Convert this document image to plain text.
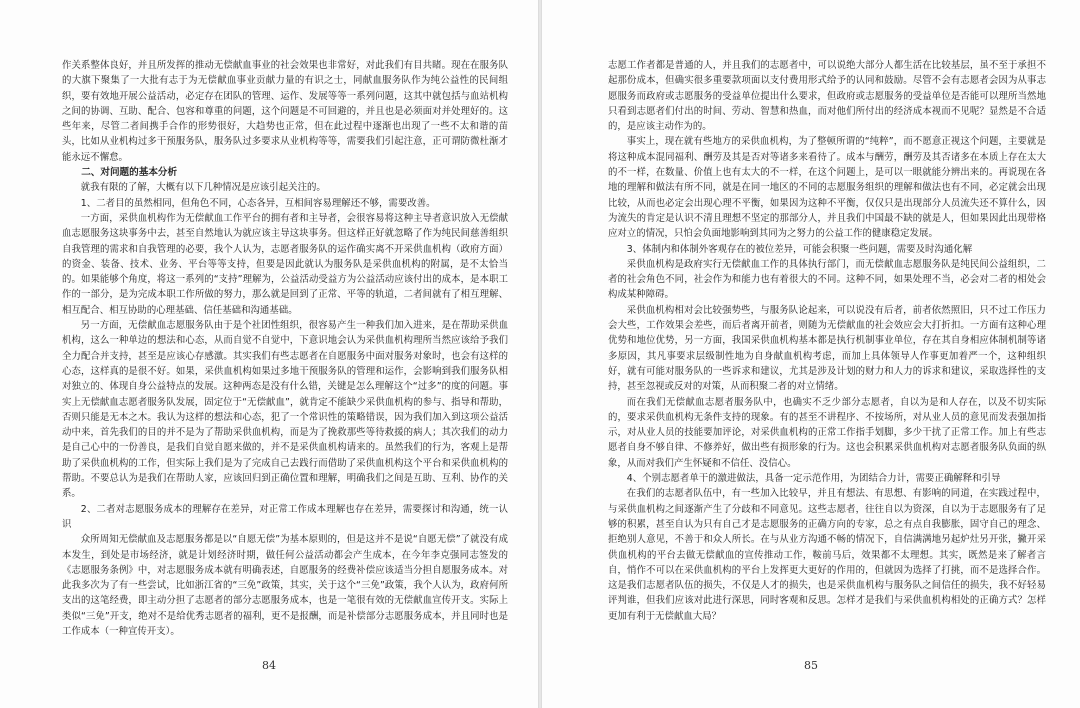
作关系整体良好，并且所发挥的推动无偿献血事业的社会效果也非常好，对此我们有目共睹。现在在服务队的大旗下聚集了一大批有志于为无偿献血事业贡献力量的有识之士，同献血服务队作为纯公益性的民间组织，要有效地开展公益活动，必定存在团队的管理、运作、发展等等一系列问题，这其中就包括与血站机构之间的协调、互助、配合、包容和尊重的问题，这个问题是不可回避的，并且也是必须面对并处理好的。这些年来，尽管二者间携手合作的形势很好，大趋势也正常，但在此过程中逐渐也出现了一些不太和谐的苗头，比如从业机构过多干预服务队，服务队过多要求从业机构等等，需要我们引起注意，正可谓防微杜渐才能永远不懈怠。

二、对问题的基本分析

就我有限的了解，大概有以下几种情况是应该引起关注的。

1、二者目的虽然相同，但角色不同，心态各异，互相间容易理解还不够，需要改善。

一方面，采供血机构作为无偿献血工作平台的拥有者和主导者，会很容易将这种主导者意识放入无偿献血志愿服务这块事务中去，甚至自然地认为就应该主导这块事务。但这样正好就忽略了作为纯民间慈善组织自我管理的需求和自我管理的必要，我个人认为，志愿者服务队的运作确实离不开采供血机构（政府方面）的资金、装备、技术、业务、平台等等支持，但要是因此就认为服务队是采供血机构的附属，是不太恰当的。如果能够个角度，将这一系列的“支持”理解为，公益活动受益方为公益活动应该付出的成本，是本职工作的一部分，是为完成本职工作所做的努力，那么就是回到了正常、平等的轨道，二者间就有了相互理解、相互配合、相互协助的心理基础、信任基础和沟通基础。

另一方面，无偿献血志愿服务队由于是个社团性组织，很容易产生一种我们加入进来，是在帮助采供血机构，这么一种单边的想法和心态，从而自觉不自觉中，下意识地会认为采供血机构理所当然应该给予我们全力配合并支持，甚至是应该心存感激。其实我们有些志愿者在自愿服务中面对服务对象时，也会有这样的心态，这样真的是很不好。如果，采供血机构如果过多地干预服务队的管理和运作，会影响到我们服务队相对独立的、体现自身公益特点的发展。这种两态是没有什么错，关键是怎么理解这个“过多”的度的问题。事实上无偿献血志愿者服务队发展，固定位于“无偿献血”，就肯定不能缺少采供血机构的参与、指导和帮助，否则只能是无本之木。我认为这样的想法和心态，犯了一个常识性的策略错误，因为我们加入到这项公益活动中来，首先我们的目的并不是为了帮助采供血机构，而是为了挽救那些等待救援的病人；其次我们的动力是自己心中的一份善良，是我们自觉自愿来做的，并不是采供血机构请来的。虽然我们的行为，客观上是帮助了采供血机构的工作，但实际上我们是为了完成自己去践行而借助了采供血机构这个平台和采供血机构的帮助。不要总认为是我们在帮助人家，应该回归到正确位置和理解，明确我们之间是互助、互利、协作的关系。

2、二者对志愿服务成本的理解存在差异，对正常工作成本理解也存在差异，需要探讨和沟通，统一认识

众所周知无偿献血及志愿服务都是以“自愿无偿”为基本原则的，但是这并不是说“自愿无偿”了就没有成本发生，到处是市场经济，就是计划经济时期，做任何公益活动都会产生成本，在今年李克强同志签发的《志愿服务条例》中，对志愿服务成本就有明确表述，自愿服务的经费补偿应该适当分担自愿服务成本。对此我多次为了有一些尝试，比如浙江省的“三免”政策，其实，关于这个“三免”政策，我个人认为，政府何所支出的这笔经费，即主动分担了志愿者的部分志愿服务成本，也是一笔很有效的无偿献血宣传开支。实际上类似“三免”开支，绝对不是给优秀志愿者的福利，更不是报酬，而是补偿部分志愿服务成本，并且同时也是工作成本（一种宣传开支）。

84

志愿工作者都是普通的人，并且我们的志愿者中，可以说绝大部分人都生活在比较基层，虽不至于承担不起那份成本，但确实很多重要款项面以支付费用形式给予的认同和鼓励。尽管不会有志愿者会因为从事志愿服务而政府或志愿服务的受益单位提出什么要求，但政府或志愿服务的受益单位是否能可以理所当然地只看到志愿者们付出的时间、劳动、智慧和热血，而对他们所付出的经济成本视而不见呢？显然是不合适的，是应该主动作为的。

事实上，现在就有些地方的采供血机构，为了整顿所谓的“纯粹”，而不愿意正视这个问题，主要就是将这种成本混同福利、酬劳及其是否对等诸多来看待了。成本与酬劳，酬劳及其否诸多在本质上存在太大的不一样，在数量、价值上也有太大的不一样，在这个问题上，是可以一眼就能分辨出来的。再说现在各地的理解和做法有所不同，就是在同一地区的不同的志愿服务组织的理解和做法也有不同，必定就会出现比较，从而也必定会出现心理不平衡，如果因为这种不平衡，仅仅只是出现部分人员流失还不算什么，因为流失的肯定是认识不清且理想不坚定的那部分人，并且我们中国最不缺的就是人，但如果因此出现带格应对立的情况，只怕会负面地影响到其同为之努力的公益工作的健康稳定发展。

3、体制内和体制外客观存在的被位差异，可能会积聚一些问题，需要及时沟通化解

采供血机构是政府实行无偿献血工作的具体执行部门，而无偿献血志愿服务队是纯民间公益组织，二者的社会角色不同，社会作为和能力也有着很大的不同。这种不同，如果处理不当，必会对二者的相处会构成某种障碍。

采供血机构相对会比较强势些，与服务队论起来，可以说没有后者，前者依然照旧，只不过工作压力会大些，工作效果会差些，而后者离开前者，则随为无偿献血的社会效应会大打折扣。一方面有这种心理优势和地位优势，另一方面，我国采供血机构基本都是执行机制事业单位，存在其自身相应体制机制等诸多原因，其凡事要求层级制性地为自身献血机构考虑，而加上具体领导人作事更加着严一个，这种组织好，就有可能对服务队的一些诉求和建议，尤其是涉及计划的财力和人力的诉求和建议，采取选择性的支持，甚至忽视或反对的对策，从而积聚二者的对立情绪。

而在我们无偿献血志愿者服务队中，也确实不乏少部分志愿者，自以为是和人存在，以及不切实际的，要求采供血机构无条件支持的现象。有的甚至不讲程序、不按场所，对从业人员的意见而发表强加指示，对从业人员的技能要加评论，对采供血机构的正常工作指手划脚，多少干扰了正常工作。加上有些志愿者自身不够自律、不修养好，做出些有损形象的行为。这也会积累采供血机构对志愿者服务队负面的纵象，从而对我们产生怀疑和不信任、没信心。

4、个别志愿者单干的激进做法，具备一定示范作用，为团结合力计，需要正确解释和引导

在我们的志愿者队伍中，有一些加入比较早，并且有想法、有思想、有影响的同道，在实践过程中，与采供血机构之间逐渐产生了分歧和不同意见。这些志愿者，往往自以为资深，自以为于志愿服务有了足够的积累，甚至自认为只有自己才是志愿服务的正确方向的专家，总之有点自我膨胀，固守自己的理念、拒绝别人意见，不善于和众人所长。在与从业方沟通不畅的情况下，自信满满地另起炉灶另开张，撇开采供血机构的平台去做无偿献血的宣传推动工作，鞍前马后，效果都不太理想。其实，既然是来了解者言自，悄作不可以在采供血机构的平台上发挥更大更好的作用的，但就因为选择了打挑，而不是选择合作。这是我们志愿者队伍的损失，不仅是人才的损失，也是采供血机构与服务队之间信任的损失，我不好轻易评判谁，但我们应该对此进行深思，同时客观和反思。怎样才是我们与采供血机构相处的正确方式？怎样更加有利于无偿献血大局？

85
